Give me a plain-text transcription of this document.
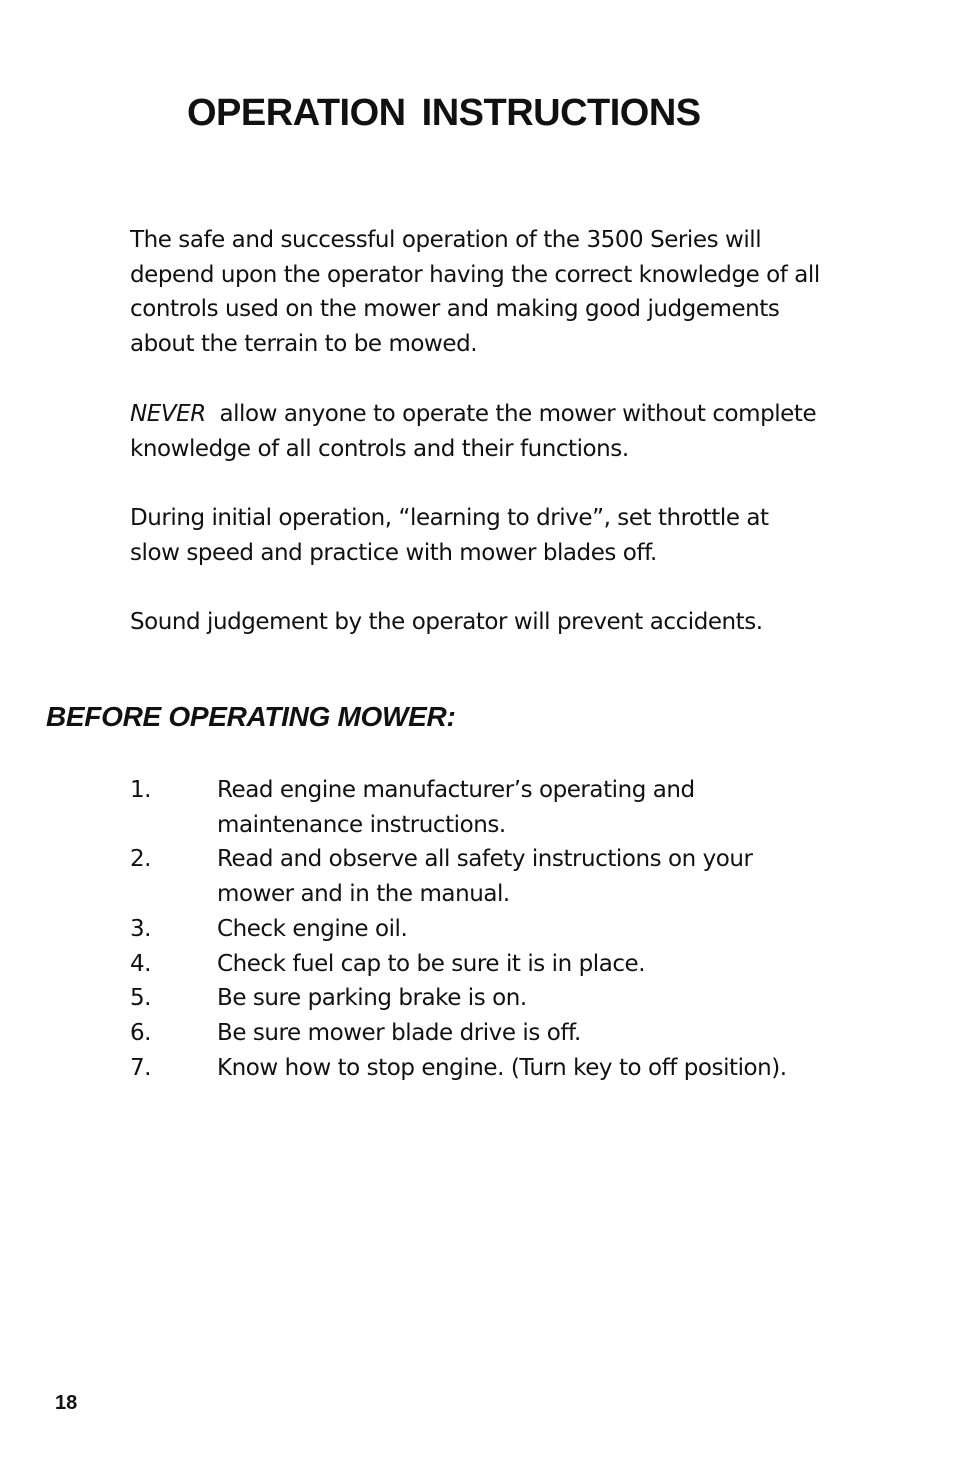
OPERATION INSTRUCTIONS

The safe and successful operation of the 3500 Series will depend upon the operator having the correct knowledge of all controls used on the mower and making good judgements about the terrain to be mowed.

NEVER  allow anyone to operate the mower without complete knowledge of all controls and their functions.

During initial operation, “learning to drive”, set throttle at slow speed and practice with mower blades off.

Sound judgement by the operator will prevent accidents.

BEFORE OPERATING MOWER:
1.	Read engine manufacturer’s operating and
maintenance instructions.
2.	Read and observe all safety instructions on your
mower and in the manual.
3.	Check engine oil.
4.	Check fuel cap to be sure it is in place.
5.	Be sure parking brake is on.
6.	Be sure mower blade drive is off.
7.	Know how to stop engine. (Turn key to off position).

18
